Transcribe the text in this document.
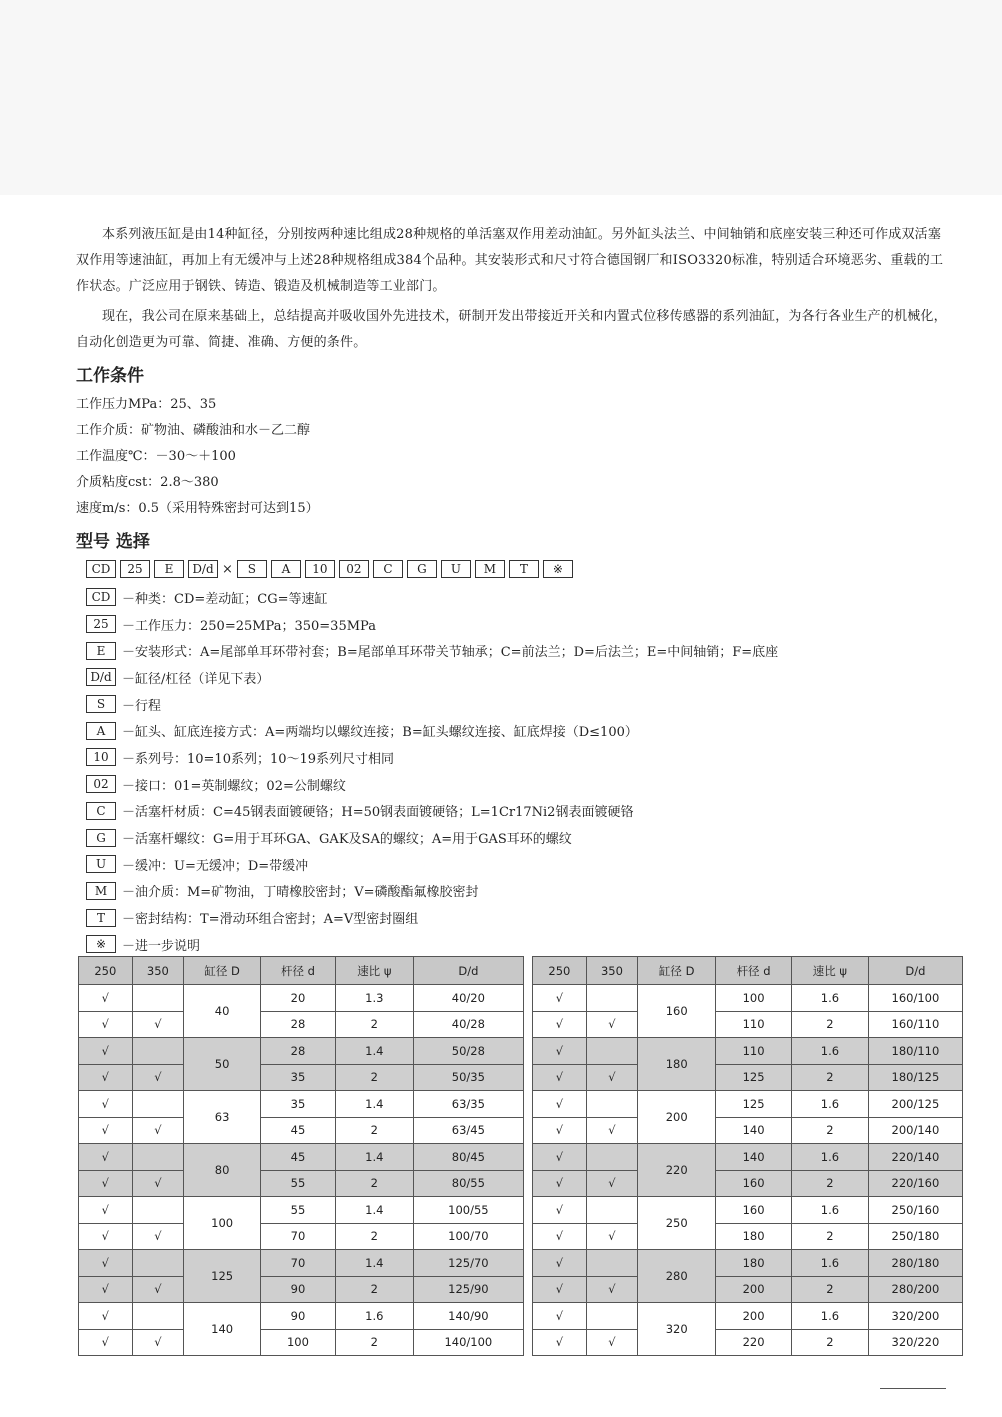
本系列液压缸是由14种缸径，分别按两种速比组成28种规格的单活塞双作用差动油缸。另外缸头法兰、中间轴销和底座安装三种还可作成双活塞双作用等速油缸，再加上有无缓冲与上述28种规格组成384个品种。其安装形式和尺寸符合德国钢厂和ISO3320标准，特别适合环境恶劣、重载的工作状态。广泛应用于钢铁、铸造、锻造及机械制造等工业部门。

现在，我公司在原来基础上，总结提高并吸收国外先进技术，研制开发出带接近开关和内置式位移传感器的系列油缸，为各行各业生产的机械化，自动化创造更为可靠、简捷、准确、方便的条件。

工作条件

工作压力MPa：25、35

工作介质：矿物油、磷酸油和水－乙二醇

工作温度℃：－30～＋100

介质粘度cst：2.8～380

速度m/s：0.5（采用特殊密封可达到15）

型号 选择
CD	25	E	D/d ×	S	A	10	02	C	G	U	M	T	※
CD －种类：CD=差动缸；CG=等速缸
25	－工作压力：250=25MPa；350=35MPa
E	－安装形式：A=尾部单耳环带衬套；B=尾部单耳环带关节轴承；C=前法兰；D=后法兰；E=中间轴销；F=底座
D/d －缸径/杠径（详见下表）
S	－行程
A	－缸头、缸底连接方式：A=两端均以螺纹连接；B=缸头螺纹连接、缸底焊接（D≤100）
10	－系列号：10=10系列；10～19系列尺寸相同
02	－接口：01=英制螺纹；02=公制螺纹
C	－活塞杆材质：C=45钢表面镀硬铬；H=50钢表面镀硬铬；L=1Cr17Ni2钢表面镀硬铬
G	－活塞杆螺纹：G=用于耳环GA、GAK及SA的螺纹；A=用于GAS耳环的螺纹
U	－缓冲：U=无缓冲；D=带缓冲
M	－油介质：M=矿物油，丁晴橡胶密封；V=磷酸酯氟橡胶密封
T	－密封结构：T=滑动环组合密封；A=V型密封圈组
※	－进一步说明
250	350	缸径 D	杆径 d	速比 ψ	D/d		250	350	缸径 D	杆径 d	速比 ψ	D/d
√		40	20	1.3	40/20		√		160	100	1.6	160/100
√	√		28	2	40/28		√	√		110	2	160/110
√		50	28	1.4	50/28		√		180	110	1.6	180/110
√	√		35	2	50/35		√	√		125	2	180/125
√		63	35	1.4	63/35		√		200	125	1.6	200/125
√	√		45	2	63/45		√	√		140	2	200/140
√		80	45	1.4	80/45		√		220	140	1.6	220/140
√	√		55	2	80/55		√	√		160	2	220/160
√		100	55	1.4	100/55		√		250	160	1.6	250/160
√	√		70	2	100/70		√	√		180	2	250/180
√		125	70	1.4	125/70		√		280	180	1.6	280/180
√	√		90	2	125/90		√	√		200	2	280/200
√		140	90	1.6	140/90		√		320	200	1.6	320/200
√	√		100	2	140/100		√	√		220	2	320/220
